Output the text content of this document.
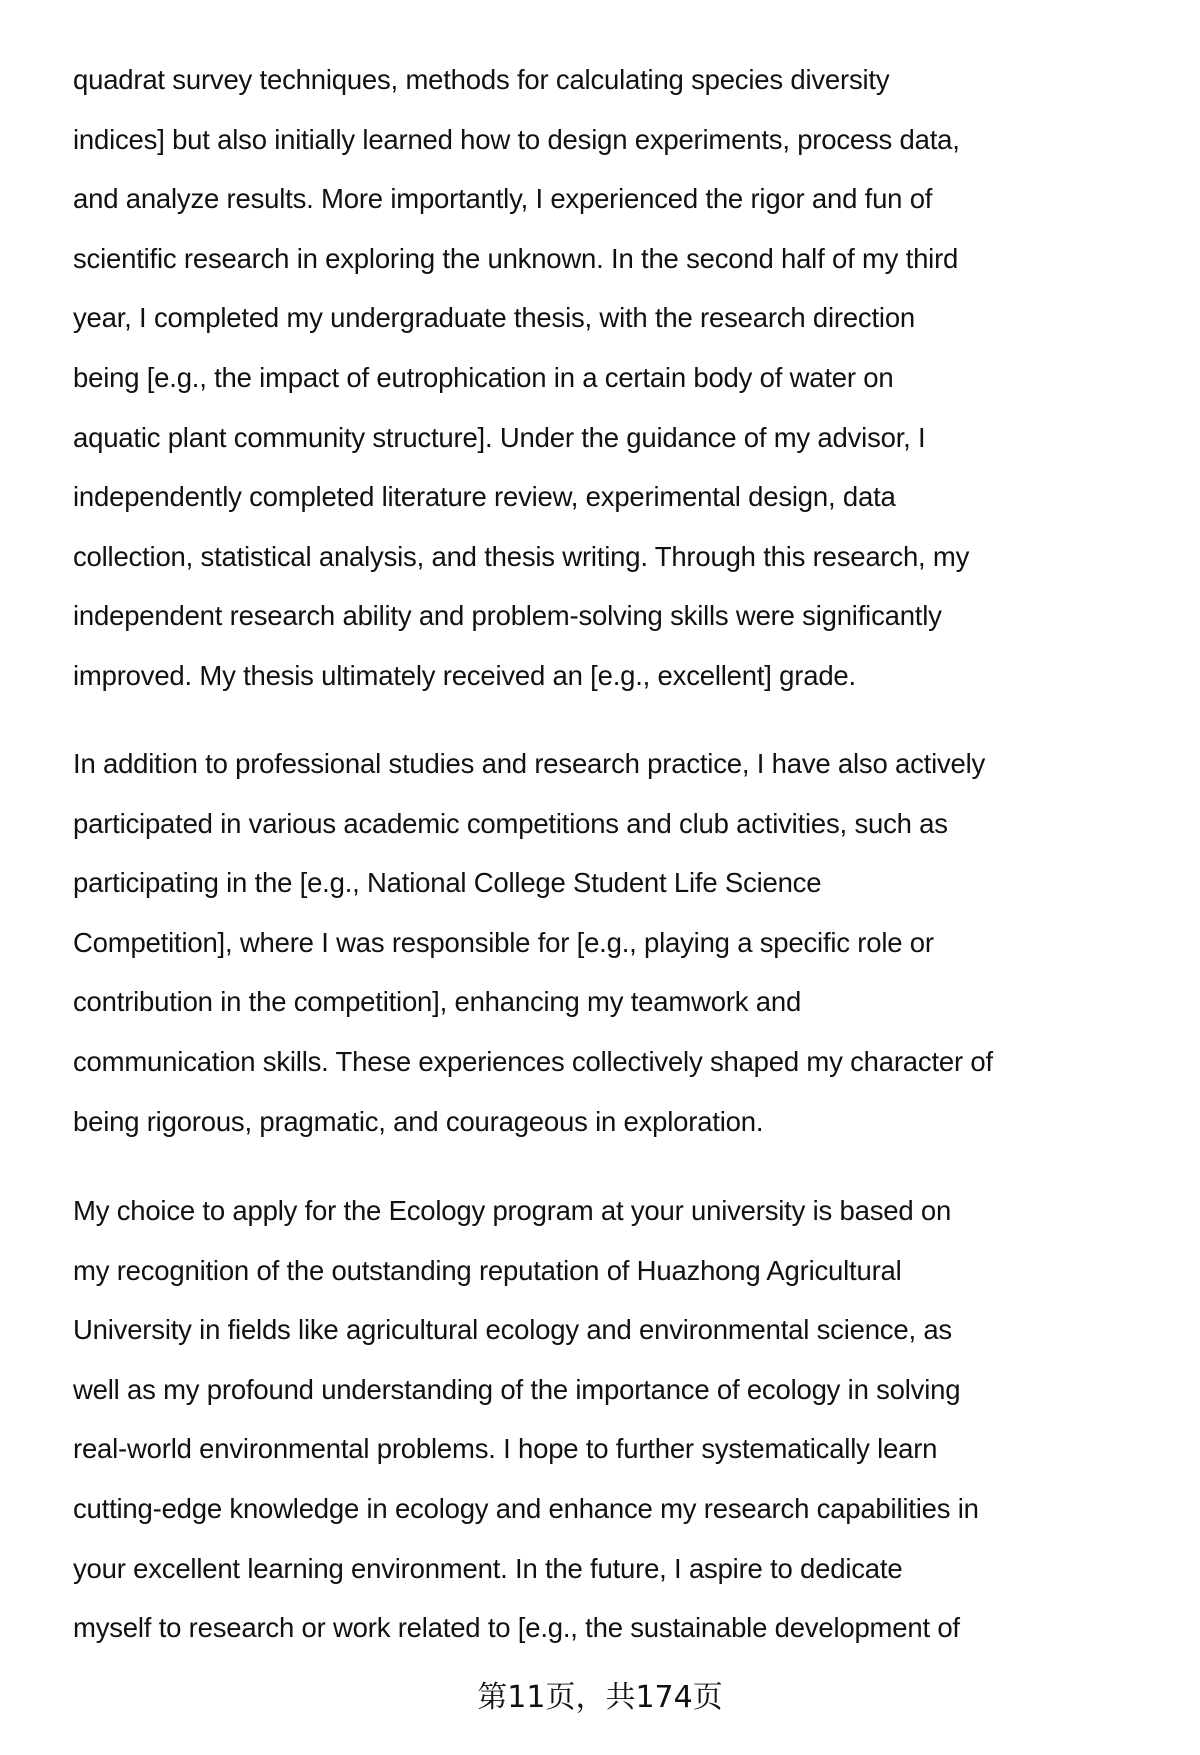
quadrat survey techniques, methods for calculating species diversity
indices] but also initially learned how to design experiments, process data,
and analyze results. More importantly, I experienced the rigor and fun of
scientific research in exploring the unknown. In the second half of my third
year, I completed my undergraduate thesis, with the research direction
being [e.g., the impact of eutrophication in a certain body of water on
aquatic plant community structure]. Under the guidance of my advisor, I
independently completed literature review, experimental design, data
collection, statistical analysis, and thesis writing. Through this research, my
independent research ability and problem-solving skills were significantly
improved. My thesis ultimately received an [e.g., excellent] grade.
In addition to professional studies and research practice, I have also actively
participated in various academic competitions and club activities, such as
participating in the [e.g., National College Student Life Science
Competition], where I was responsible for [e.g., playing a specific role or
contribution in the competition], enhancing my teamwork and
communication skills. These experiences collectively shaped my character of
being rigorous, pragmatic, and courageous in exploration.
My choice to apply for the Ecology program at your university is based on
my recognition of the outstanding reputation of Huazhong Agricultural
University in fields like agricultural ecology and environmental science, as
well as my profound understanding of the importance of ecology in solving
real-world environmental problems. I hope to further systematically learn
cutting-edge knowledge in ecology and enhance my research capabilities in
your excellent learning environment. In the future, I aspire to dedicate
myself to research or work related to [e.g., the sustainable development of
第11页，共174页
